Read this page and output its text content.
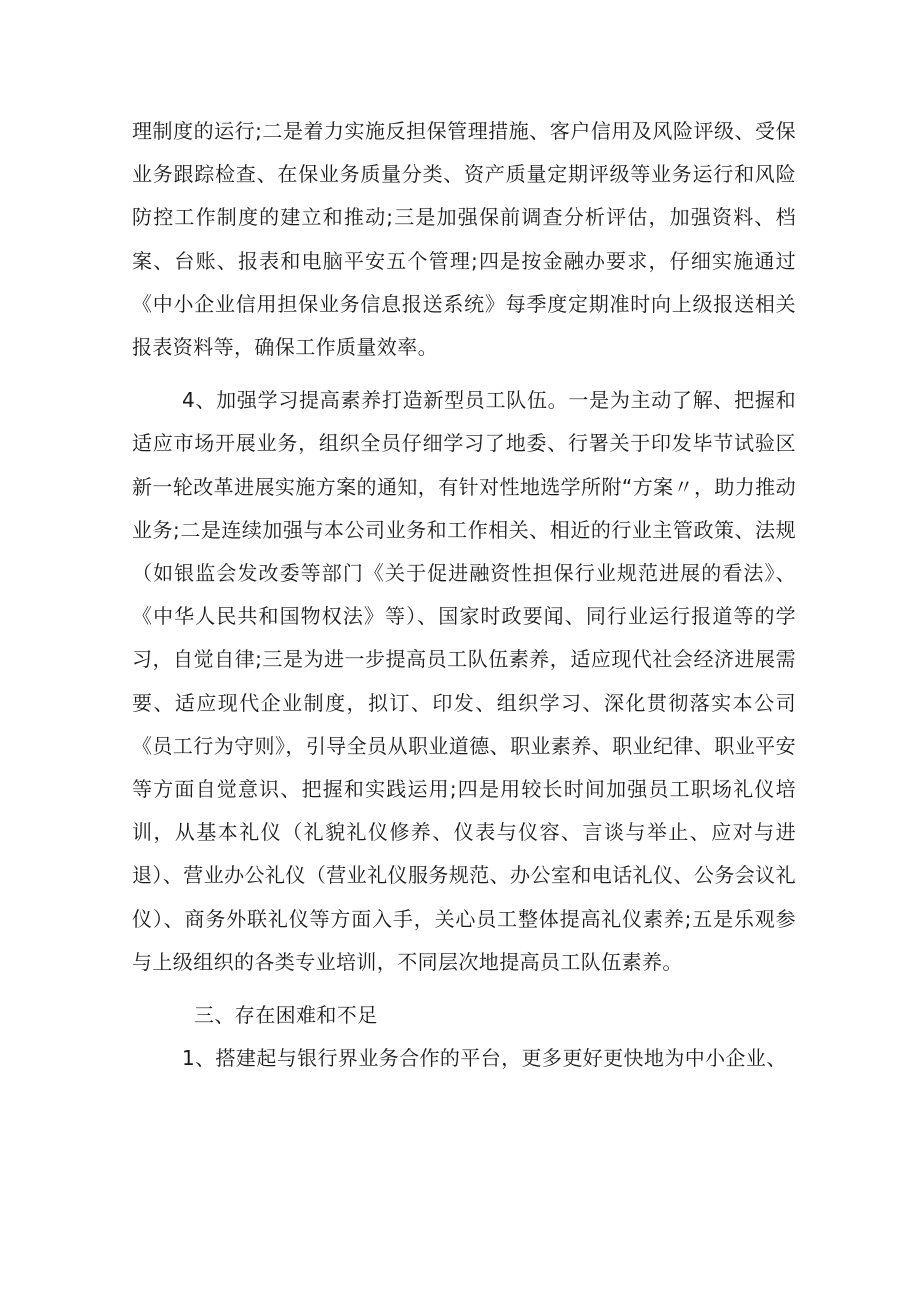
理制度的运行;二是着力实施反担保管理措施、客户信用及风险评级、受保业务跟踪检查、在保业务质量分类、资产质量定期评级等业务运行和风险防控工作制度的建立和推动;三是加强保前调查分析评估，加强资料、档案、台账、报表和电脑平安五个管理;四是按金融办要求，仔细实施通过《中小企业信用担保业务信息报送系统》每季度定期准时向上级报送相关报表资料等，确保工作质量效率。

4、加强学习提高素养打造新型员工队伍。一是为主动了解、把握和适应市场开展业务，组织全员仔细学习了地委、行署关于印发毕节试验区新一轮改革进展实施方案的通知，有针对性地选学所附“方案〃，助力推动业务;二是连续加强与本公司业务和工作相关、相近的行业主管政策、法规（如银监会发改委等部门《关于促进融资性担保行业规范进展的看法》、《中华人民共和国物权法》等）、国家时政要闻、同行业运行报道等的学习，自觉自律;三是为进一步提高员工队伍素养，适应现代社会经济进展需要、适应现代企业制度，拟订、印发、组织学习、深化贯彻落实本公司《员工行为守则》，引导全员从职业道德、职业素养、职业纪律、职业平安等方面自觉意识、把握和实践运用;四是用较长时间加强员工职场礼仪培训，从基本礼仪（礼貌礼仪修养、仪表与仪容、言谈与举止、应对与进退）、营业办公礼仪（营业礼仪服务规范、办公室和电话礼仪、公务会议礼仪）、商务外联礼仪等方面入手，关心员工整体提高礼仪素养;五是乐观参与上级组织的各类专业培训，不同层次地提高员工队伍素养。

三、存在困难和不足

1、搭建起与银行界业务合作的平台，更多更好更快地为中小企业、
